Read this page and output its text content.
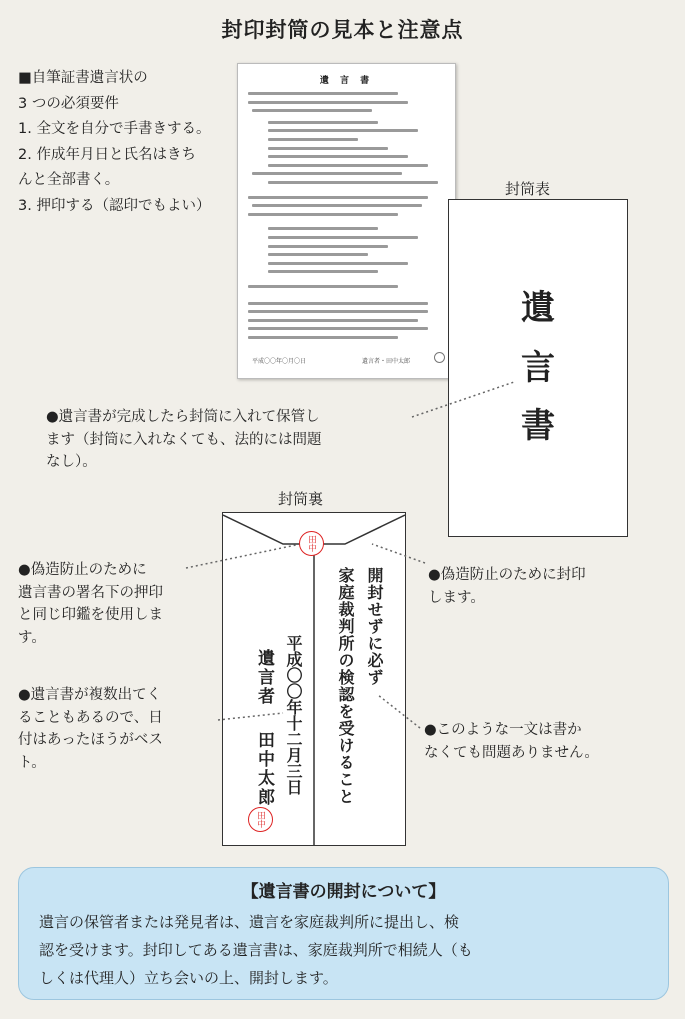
封印封筒の見本と注意点
■自筆証書遺言状の
3 つの必須要件
1. 全文を自分で手書きする。
2. 作成年月日と氏名はきち
んと全部書く。
3. 押印する（認印でもよい）
遺 言 書
平成〇〇年〇月〇日	遺言者・田中太郎
封筒表
遺
言
書
封筒裏
田中
開封せずに必ず
家庭裁判所の検認を受けること
平成〇〇年十二月三日
遺言者
田中太郎
田中
●遺言書が完成したら封筒に入れて保管し
ます（封筒に入れなくても、法的には問題
なし）。
●偽造防止のために
遺言書の署名下の押印
と同じ印鑑を使用しま
す。
●遺言書が複数出てく
ることもあるので、日
付はあったほうがベス
ト。
●偽造防止のために封印
します。
●このような一文は書か
なくても問題ありません。
【遺言書の開封について】
遺言の保管者または発見者は、遺言を家庭裁判所に提出し、検
認を受けます。封印してある遺言書は、家庭裁判所で相続人（も
しくは代理人）立ち会いの上、開封します。
